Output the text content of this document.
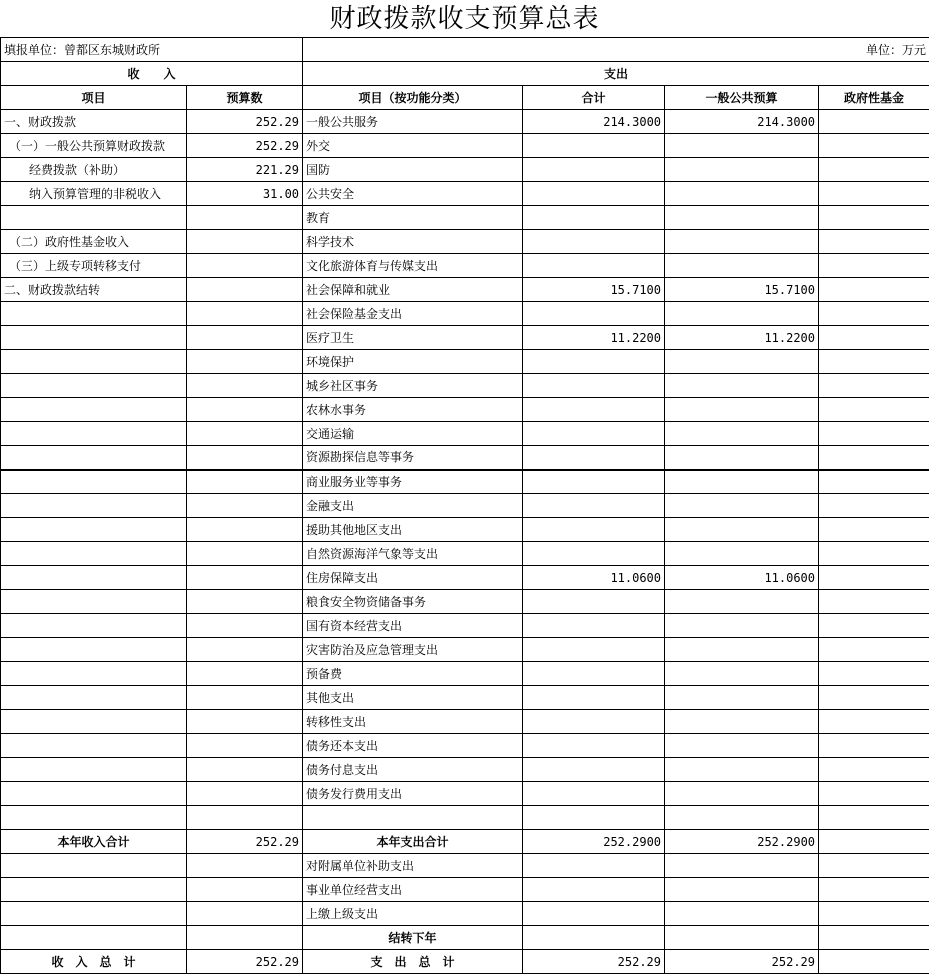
财政拨款收支预算总表
填报单位：曾都区东城财政所		单位：万元			
收　　入		支出			
项目	预算数	项目（按功能分类）	合计	一般公共预算	政府性基金
一、财政拨款	252.29	一般公共服务	214.3000	214.3000	
（一）一般公共预算财政拨款	252.29	外交			
经费拨款（补助）	221.29	国防			
纳入预算管理的非税收入	31.00	公共安全			
		教育			
（二）政府性基金收入		科学技术			
（三）上级专项转移支付		文化旅游体育与传媒支出			
二、财政拨款结转		社会保障和就业	15.7100	15.7100	
		社会保险基金支出			
		医疗卫生	11.2200	11.2200	
		环境保护			
		城乡社区事务			
		农林水事务			
		交通运输			
		资源勘探信息等事务			
		商业服务业等事务			
		金融支出			
		援助其他地区支出			
		自然资源海洋气象等支出			
		住房保障支出	11.0600	11.0600	
		粮食安全物资储备事务			
		国有资本经营支出			
		灾害防治及应急管理支出			
		预备费			
		其他支出			
		转移性支出			
		债务还本支出			
		债务付息支出			
		债务发行费用支出			

本年收入合计	252.29	本年支出合计	252.2900	252.2900	
		对附属单位补助支出			
		事业单位经营支出			
		上缴上级支出			
		结转下年			
收　入　总　计	252.29	支　出　总　计	252.29	252.29	
